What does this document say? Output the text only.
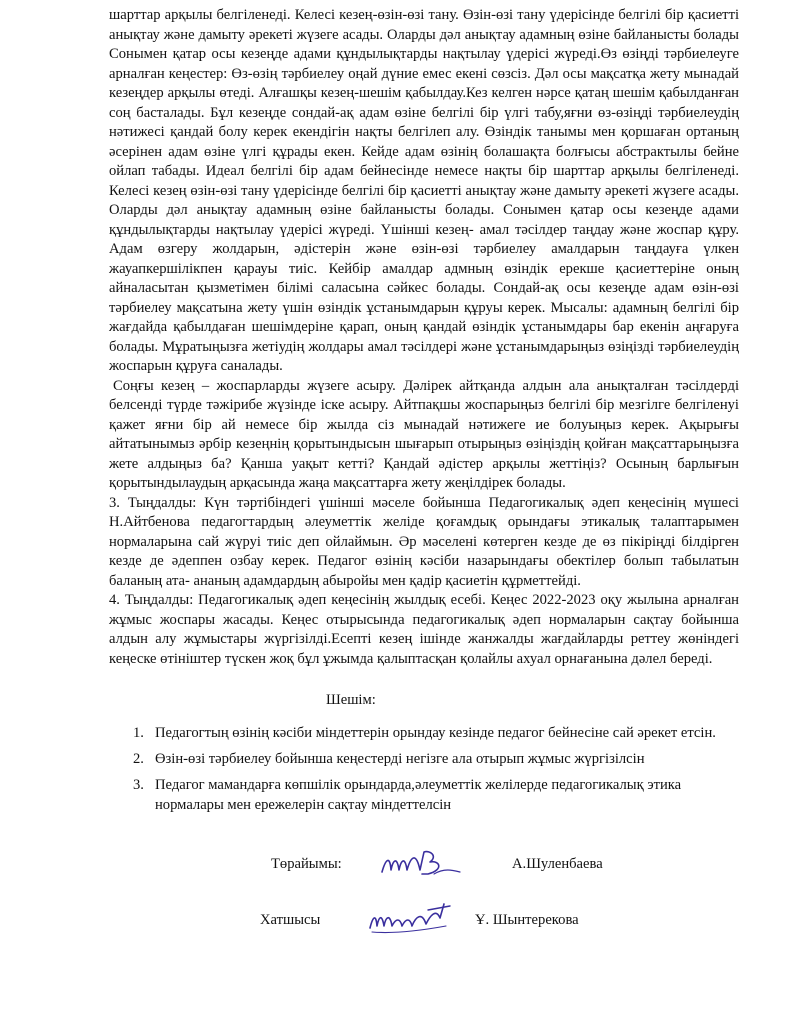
шарттар арқылы белгіленеді. Келесі кезең-өзін-өзі тану. Өзін-өзі тану үдерісінде белгілі бір қасиетті анықтау және дамыту әрекеті жүзеге асады. Оларды дәл анықтау адамның өзіне байланысты болады Сонымен қатар осы кезеңде адами құндылықтарды нақтылау үдерісі жүреді.Өз өзіңді тәрбиелеуге арналған кеңестер: Өз-өзің тәрбиелеу оңай дүние емес екені сөзсіз. Дәл осы мақсатқа жету мынадай кезеңдер арқылы өтеді. Алғашқы кезең-шешім қабылдау.Кез келген нәрсе қатаң шешім қабылданған соң басталады. Бұл кезеңде сондай-ақ адам өзіне белгілі бір үлгі табу,яғни өз-өзіңді тәрбиелеудің нәтижесі қандай болу керек екендігін нақты белгілеп алу. Өзіндік танымы мен қоршаған ортаның әсерінен адам өзіне үлгі құрады екен. Кейде адам өзінің болашақта болғысы абстрактылы бейне ойлап табады. Идеал белгілі бір адам бейнесінде немесе нақты бір шарттар арқылы белгіленеді. Келесі кезең өзін-өзі тану үдерісінде белгілі бір қасиетті анықтау және дамыту әрекеті жүзеге асады. Оларды дәл анықтау адамның өзіне байланысты болады. Сонымен қатар осы кезеңде адами құндылықтарды нақтылау үдерісі жүреді. Үшінші кезең- амал тәсілдер таңдау және жоспар құру. Адам өзгеру жолдарын, әдістерін және өзін-өзі тәрбиелеу амалдарын таңдауға үлкен жауапкершілікпен қарауы тиіс. Кейбір амалдар адмның өзіндік ерекше қасиеттеріне оның айналасытан қызметімен білімі саласына сәйкес болады. Сондай-ақ осы кезеңде адам өзін-өзі тәрбиелеу мақсатына жету үшін өзіндік ұстанымдарын құруы керек. Мысалы: адамның белгілі бір жағдайда қабылдаған шешімдеріне қарап, оның қандай өзіндік ұстанымдары бар екенін аңғаруға болады. Мұратыңызға жетіудің жолдары амал тәсілдері және ұстанымдарыңыз өзіңізді тәрбиелеудің жоспарын құруға саналады.

Соңғы кезең – жоспарларды жүзеге асыру. Дәлірек айтқанда алдын ала анықталған тәсілдерді белсенді түрде тәжірибе жүзінде іске асыру. Айтпақшы жоспарыңыз белгілі бір мезгілге белгіленуі қажет яғни бір ай немесе бір жылда сіз мынадай нәтижеге ие болуыңыз керек. Ақырығы айтатынымыз әрбір кезеңнің қорытындысын шығарып отырыңыз өзіңіздің қойған мақсаттарыңызға жете алдыңыз ба? Қанша уақыт кетті? Қандай әдістер арқылы жеттіңіз? Осының барлығын қорытындылаудың арқасында жаңа мақсаттарға жету жеңілдірек болады.

3. Тыңдалды: Күн тәртібіндегі үшінші мәселе бойынша Педагогикалық әдеп кеңесінің мүшесі Н.Айтбенова педагогтардың әлеуметтік желіде қоғамдық орындағы этикалық талаптарымен нормаларына сай жүруі тиіс деп ойлаймын. Әр мәселені көтерген кезде де өз пікіріңді білдірген кезде де әдеппен озбау керек. Педагог өзінің кәсіби назарындағы обектілер болып табылатын баланың ата- ананың адамдардың абыройы мен қадір қасиетін құрметтейді.

4. Тыңдалды: Педагогикалық әдеп кеңесінің жылдық есебі. Кеңес 2022-2023 оқу жылына арналған жұмыс жоспары жасады. Кеңес отырысында педагогикалық әдеп нормаларын сақтау бойынша алдын алу жұмыстары жүргізілді.Есепті кезең ішінде жанжалды жағдайларды реттеу жөніндегі кеңеске өтініштер түскен жоқ бұл ұжымда қалыптасқан қолайлы ахуал орнағанына дәлел береді.

Шешім:
1. Педагогтың өзінің кәсіби міндеттерін орындау кезінде педагог бейнесіне сай әрекет етсін.
2. Өзін-өзі тәрбиелеу бойынша кеңестерді негізге ала отырып жұмыс жүргізілсін
3. Педагог мамандарға көпшілік орындарда,әлеуметтік желілерде педагогикалық этика нормалары мен ережелерін сақтау міндеттелсін
Төрайымы:	А.Шуленбаева
Хатшысы	Ұ. Шынтерекова
